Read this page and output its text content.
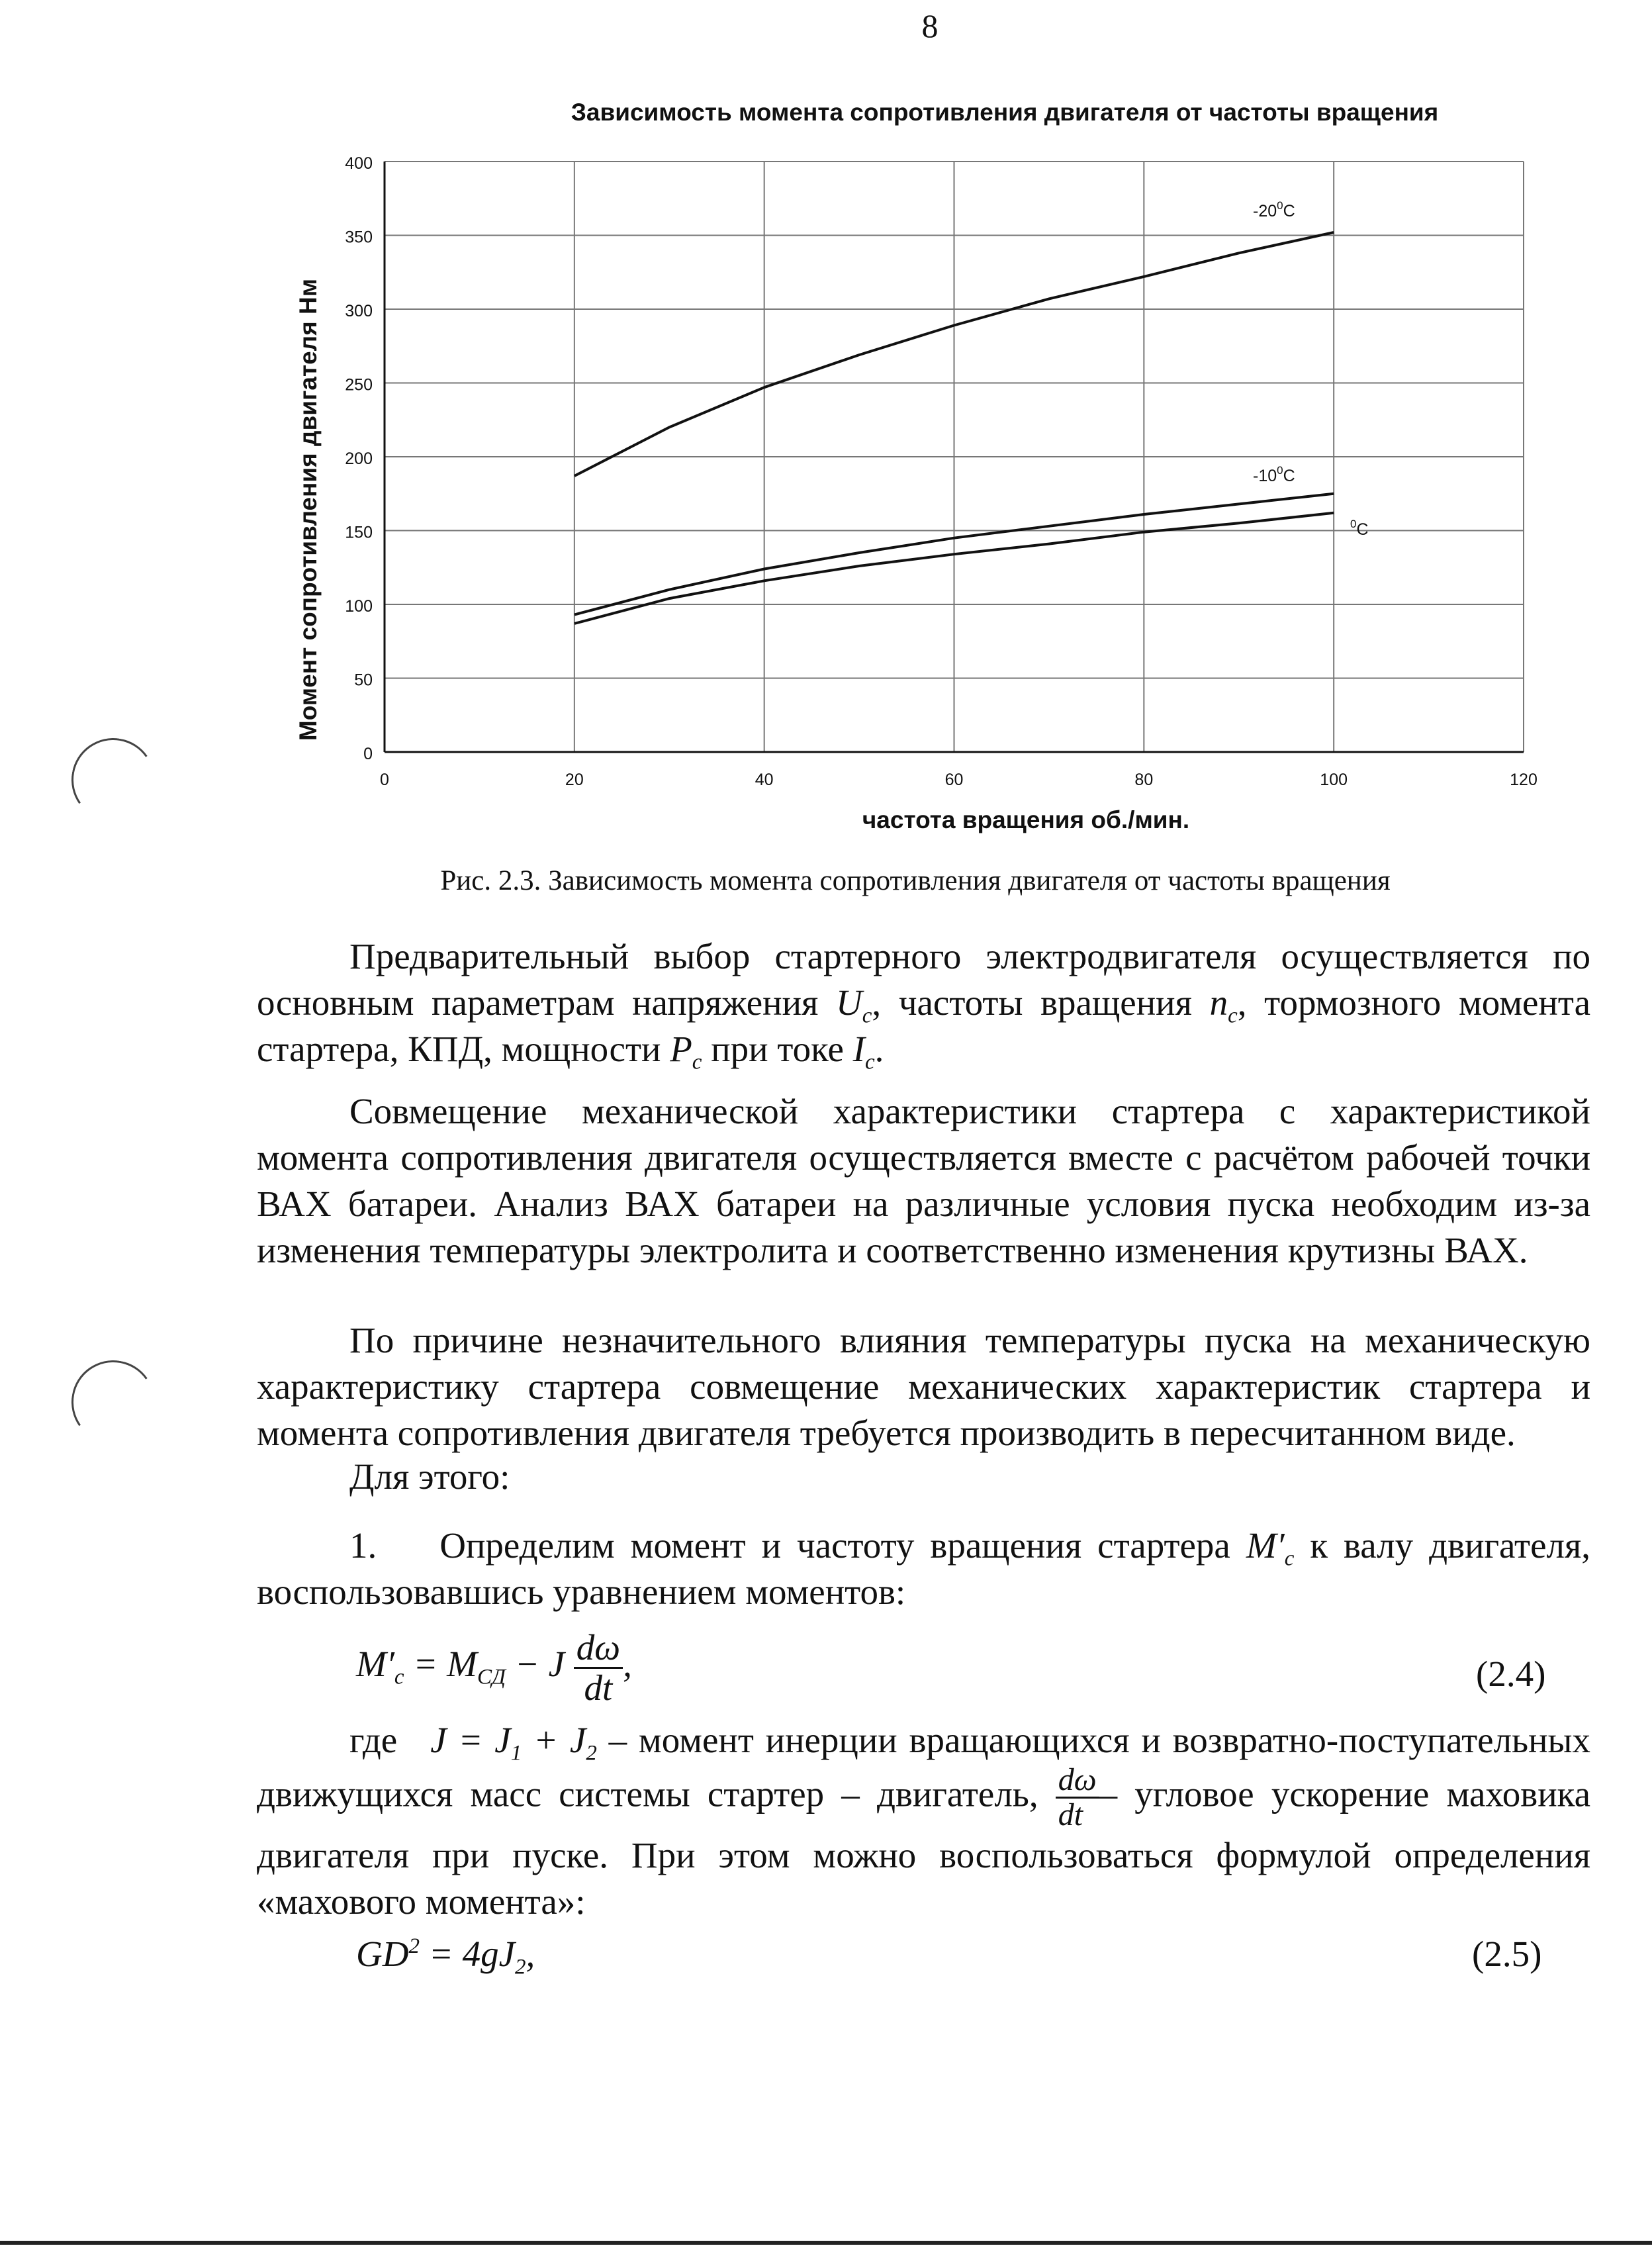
8
Зависимость момента сопротивления двигателя от частоты вращения
0
50
100
150
200
250
300
350
400
0	20	40	60	80	100	120
$-20^0C$
$-10^0C$
$^0$C
Момент сопротивления двигателя Нм
частота вращения об./мин.
Рис. 2.3. Зависимость момента сопротивления двигателя от частоты вращения
Предварительный выбор стартерного электродвигателя осуществляется по основным параметрам напряжения $U_c$, частоты вращения $n_c$, тормозного момента стартера, КПД, мощности $P_c$ при токе $I_c$.
Совмещение механической характеристики стартера с характеристикой момента сопротивления двигателя осуществляется вместе с расчётом рабочей точки ВАХ батареи. Анализ ВАХ батареи на различные условия пуска необходим из-за изменения температуры электролита и соответственно изменения крутизны ВАХ.
По причине незначительного влияния температуры пуска на механическую характеристику стартера совмещение механических характеристик стартера и момента сопротивления двигателя требуется производить в пересчитанном виде.
Для этого:
1. Определим момент и частоту вращения стартера $M'_c$ к валу двигателя, воспользовавшись уравнением моментов:
$M'_c = M_{СД} - J \frac{d\omega}{dt}$ ,	(2.4)
где $J = J_1 + J_2$ – момент инерции вращающихся и возвратно-поступательных движущихся масс системы стартер – двигатель, $\frac{d\omega}{dt}$ – угловое ускорение маховика двигателя при пуске. При этом можно воспользоваться формулой определения «махового момента»:
$GD^2 = 4gJ_2$,	(2.5)
